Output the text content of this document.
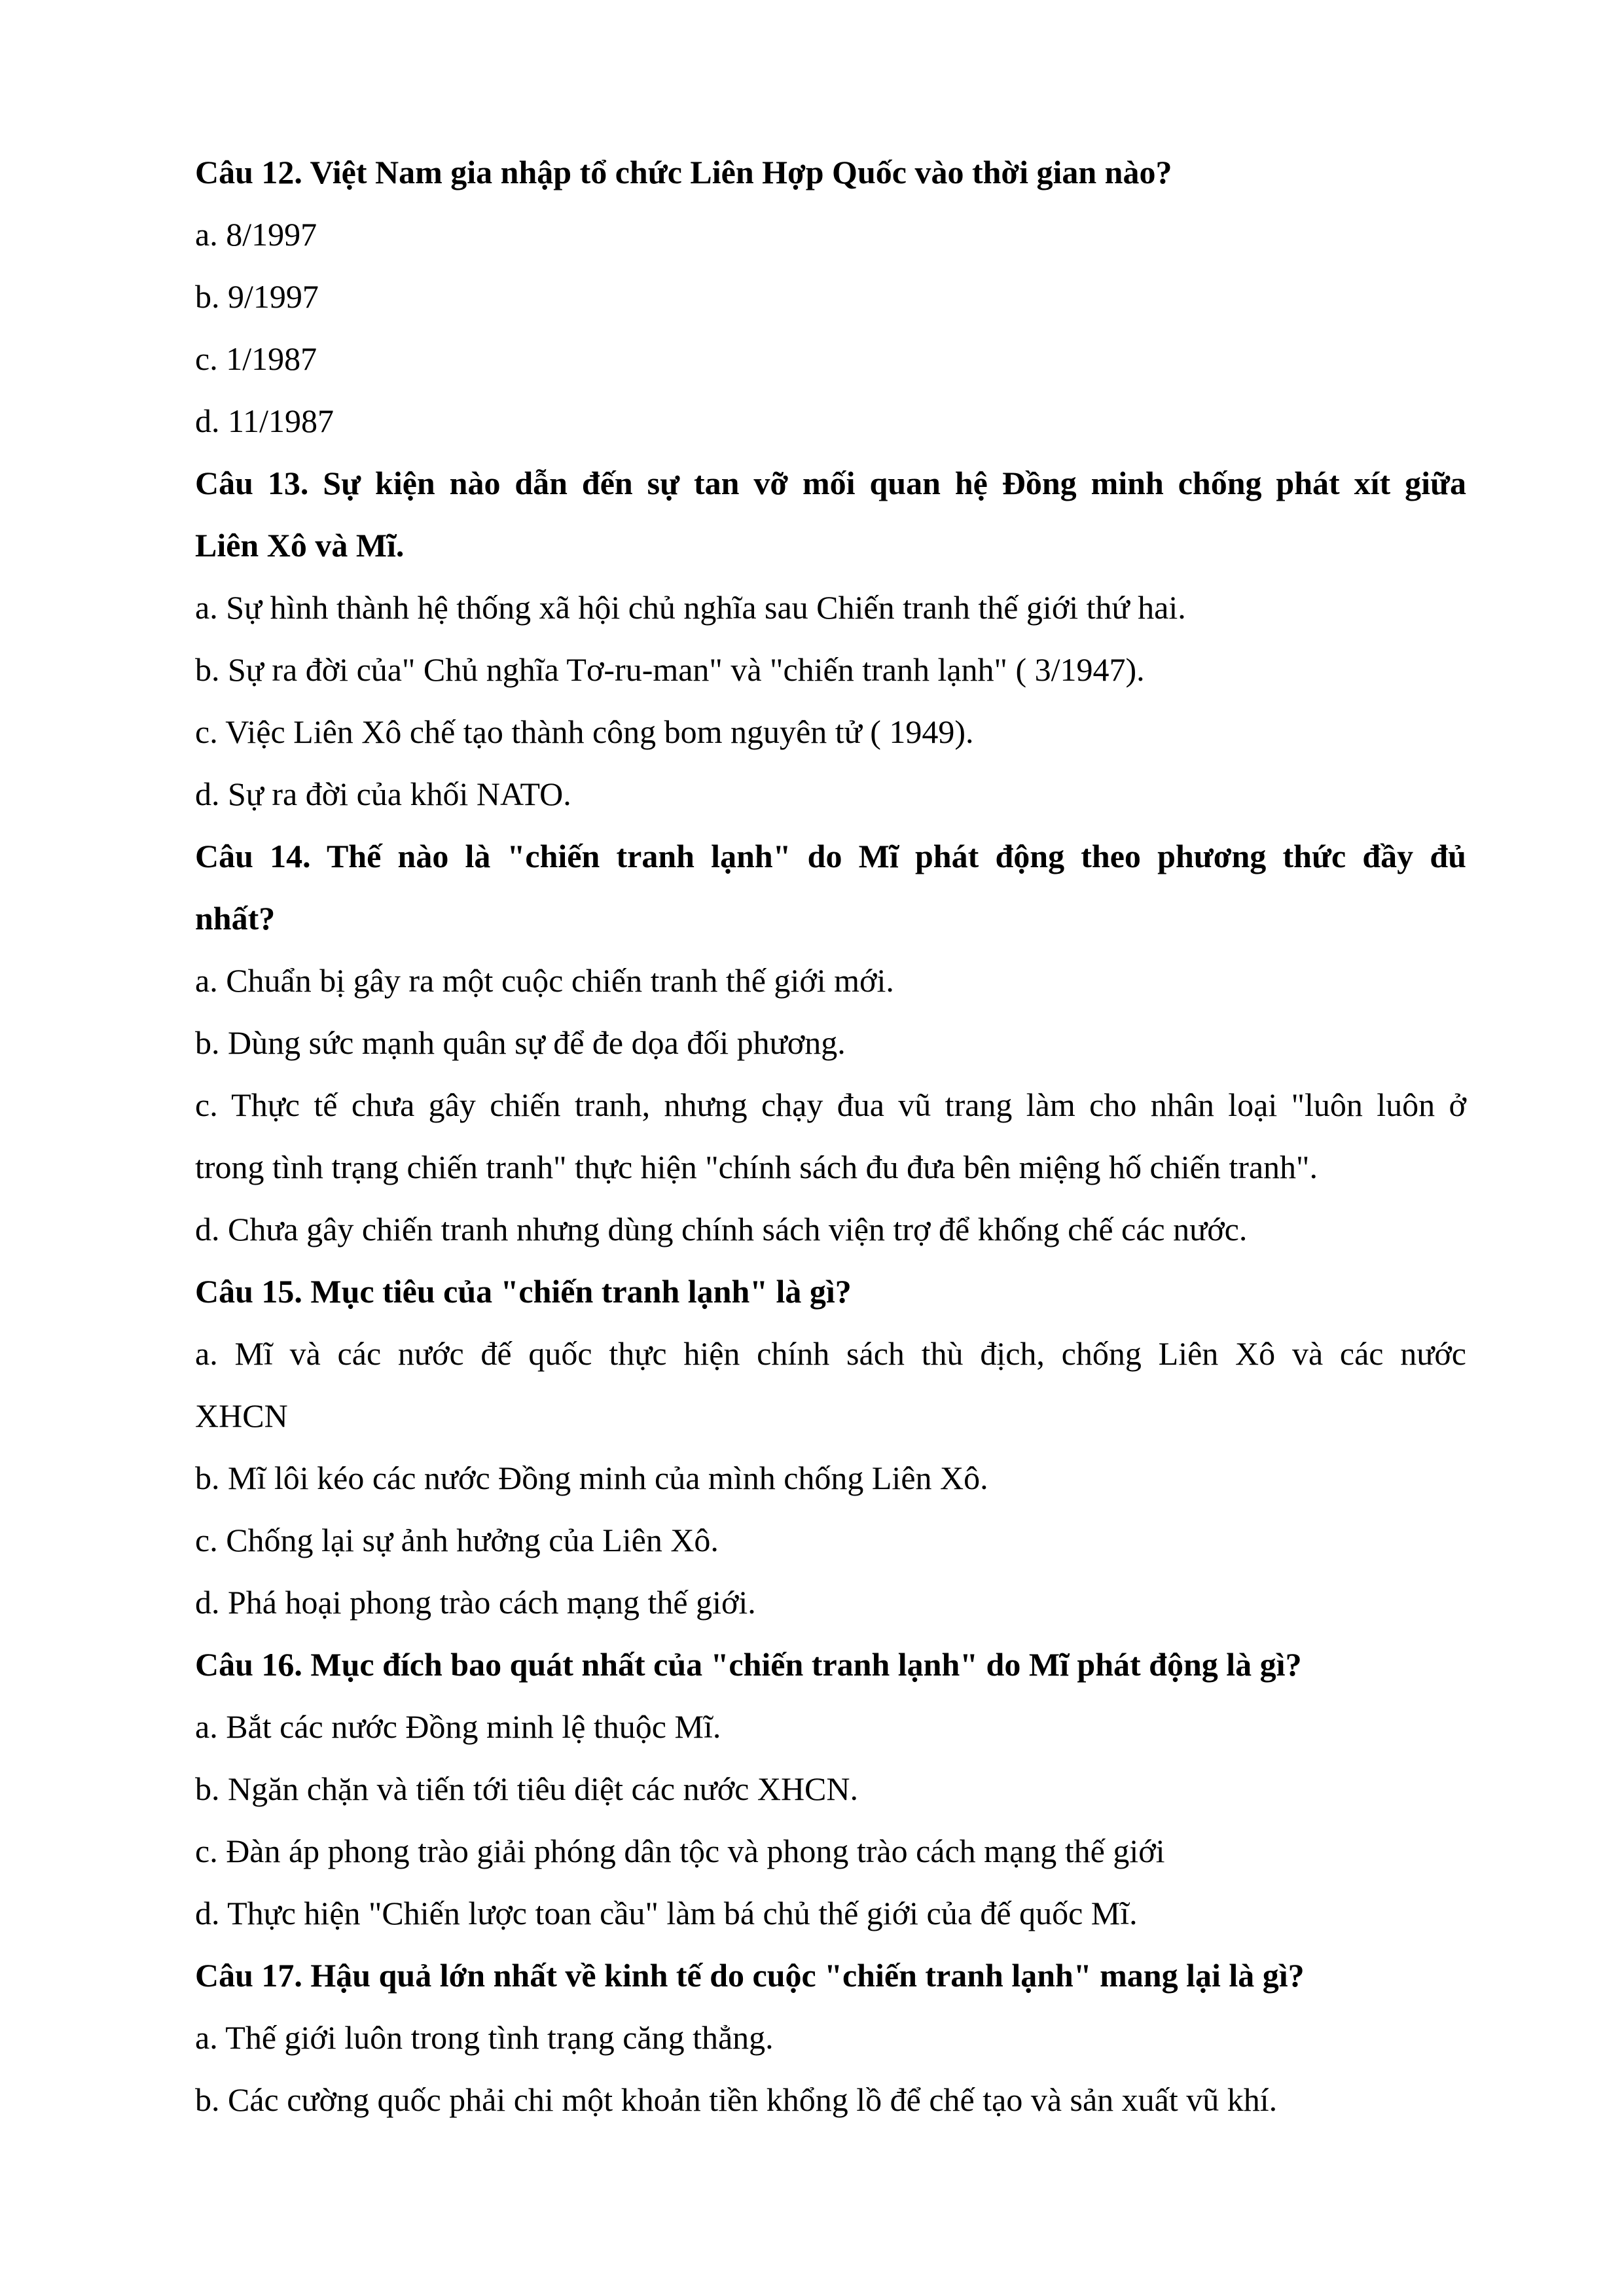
Câu 12. Việt Nam gia nhập tổ chức Liên Hợp Quốc vào thời gian nào?
a. 8/1997
b. 9/1997
c. 1/1987
d. 11/1987
Câu 13. Sự kiện nào dẫn đến sự tan vỡ mối quan hệ Đồng minh chống phát xít giữa
Liên Xô và Mĩ.
a. Sự hình thành hệ thống xã hội chủ nghĩa sau Chiến tranh thế giới thứ hai.
b. Sự ra đời của" Chủ nghĩa Tơ-ru-man" và "chiến tranh lạnh" ( 3/1947).
c. Việc Liên Xô chế tạo thành công bom nguyên tử ( 1949).
d. Sự ra đời của khối NATO.
Câu 14. Thế nào là "chiến tranh lạnh" do Mĩ phát động theo phương thức đầy đủ
nhất?
a. Chuẩn bị gây ra một cuộc chiến tranh thế giới mới.
b. Dùng sức mạnh quân sự để đe dọa đối phương.
c. Thực tế chưa gây chiến tranh, nhưng chạy đua vũ trang làm cho nhân loại "luôn luôn ở
trong tình trạng chiến tranh" thực hiện "chính sách đu đưa bên miệng hố chiến tranh".
d. Chưa gây chiến tranh nhưng dùng chính sách viện trợ để khống chế các nước.
Câu 15. Mục tiêu của "chiến tranh lạnh" là gì?
a. Mĩ và các nước đế quốc thực hiện chính sách thù địch, chống Liên Xô và các nước
XHCN
b. Mĩ lôi kéo các nước Đồng minh của mình chống Liên Xô.
c. Chống lại sự ảnh hưởng của Liên Xô.
d. Phá hoại phong trào cách mạng thế giới.
Câu 16. Mục đích bao quát nhất của "chiến tranh lạnh" do Mĩ phát động là gì?
a. Bắt các nước Đồng minh lệ thuộc Mĩ.
b. Ngăn chặn và tiến tới tiêu diệt các nước XHCN.
c. Đàn áp phong trào giải phóng dân tộc và phong trào cách mạng thế giới
d. Thực hiện "Chiến lược toan cầu" làm bá chủ thế giới của đế quốc Mĩ.
Câu 17. Hậu quả lớn nhất về kinh tế do cuộc "chiến tranh lạnh" mang lại là gì?
a. Thế giới luôn trong tình trạng căng thẳng.
b. Các cường quốc phải chi một khoản tiền khổng lồ để chế tạo và sản xuất vũ khí.
